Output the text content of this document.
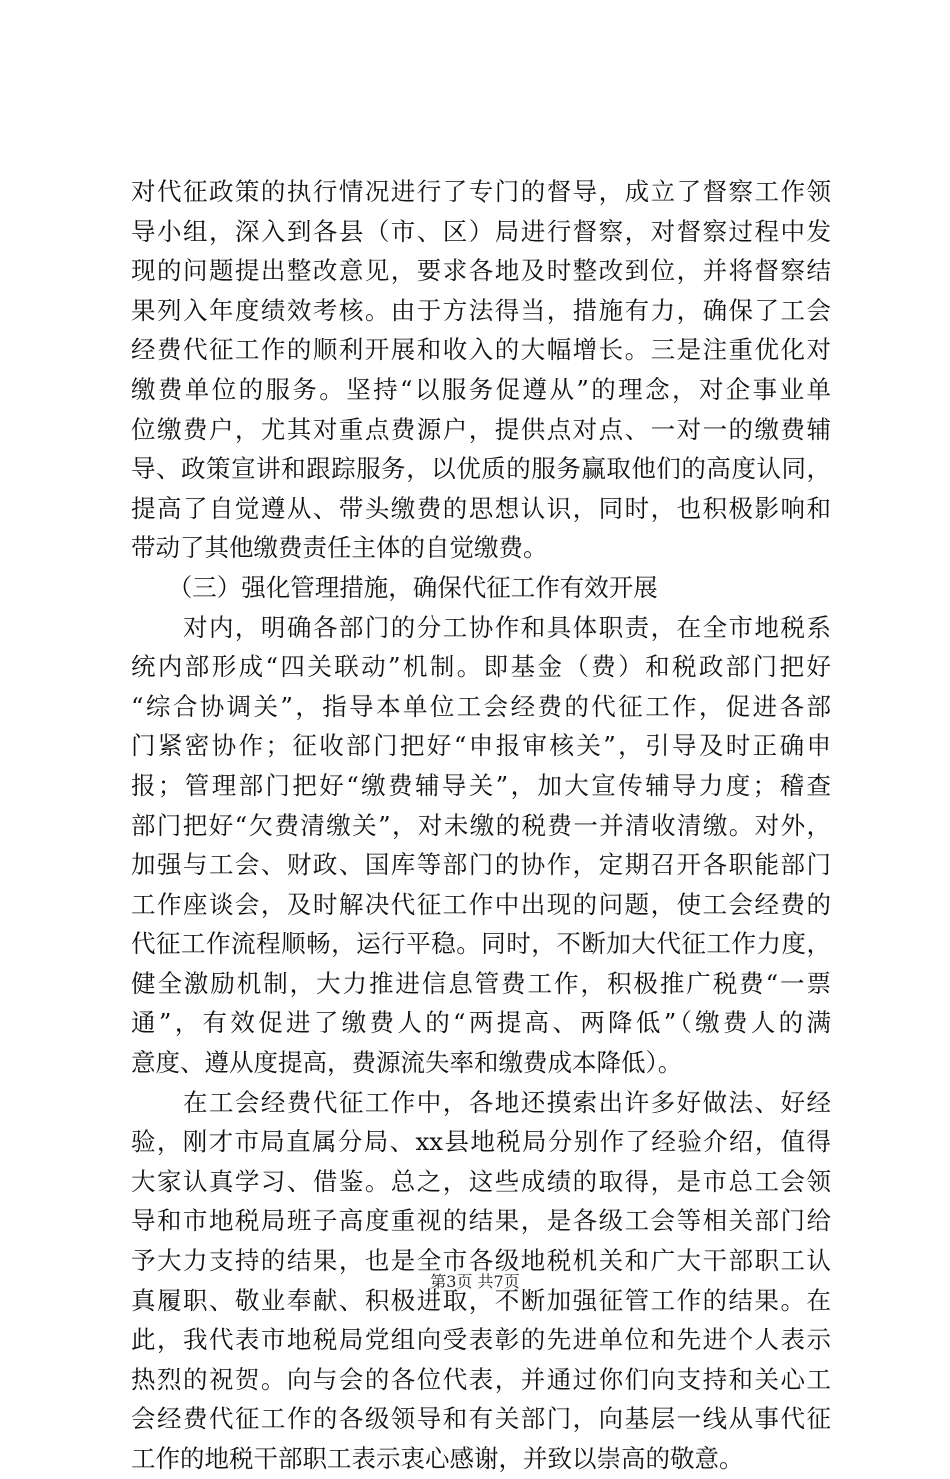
对代征政策的执行情况进行了专门的督导，成立了督察工作领
导小组，深入到各县（市、区）局进行督察，对督察过程中发
现的问题提出整改意见，要求各地及时整改到位，并将督察结
果列入年度绩效考核。由于方法得当，措施有力，确保了工会
经费代征工作的顺利开展和收入的大幅增长。三是注重优化对
缴费单位的服务。坚持“以服务促遵从”的理念，对企事业单
位缴费户，尤其对重点费源户，提供点对点、一对一的缴费辅
导、政策宣讲和跟踪服务，以优质的服务赢取他们的高度认同，
提高了自觉遵从、带头缴费的思想认识，同时，也积极影响和
带动了其他缴费责任主体的自觉缴费。
　　（三）强化管理措施，确保代征工作有效开展
　　对内，明确各部门的分工协作和具体职责，在全市地税系
统内部形成“四关联动”机制。即基金（费）和税政部门把好
“综合协调关”，指导本单位工会经费的代征工作，促进各部
门紧密协作；征收部门把好“申报审核关”，引导及时正确申
报；管理部门把好“缴费辅导关”，加大宣传辅导力度；稽查
部门把好“欠费清缴关”，对未缴的税费一并清收清缴。对外，
加强与工会、财政、国库等部门的协作，定期召开各职能部门
工作座谈会，及时解决代征工作中出现的问题，使工会经费的
代征工作流程顺畅，运行平稳。同时，不断加大代征工作力度，
健全激励机制，大力推进信息管费工作，积极推广税费“一票
通”，有效促进了缴费人的“两提高、两降低”（缴费人的满
意度、遵从度提高，费源流失率和缴费成本降低）。
　　在工会经费代征工作中，各地还摸索出许多好做法、好经
验，刚才市局直属分局、xx县地税局分别作了经验介绍，值得
大家认真学习、借鉴。总之，这些成绩的取得，是市总工会领
导和市地税局班子高度重视的结果，是各级工会等相关部门给
予大力支持的结果，也是全市各级地税机关和广大干部职工认
真履职、敬业奉献、积极进取，不断加强征管工作的结果。在
此，我代表市地税局党组向受表彰的先进单位和先进个人表示
热烈的祝贺。向与会的各位代表，并通过你们向支持和关心工
会经费代征工作的各级领导和有关部门，向基层一线从事代征
工作的地税干部职工表示衷心感谢，并致以崇高的敬意。
第3页 共7页
